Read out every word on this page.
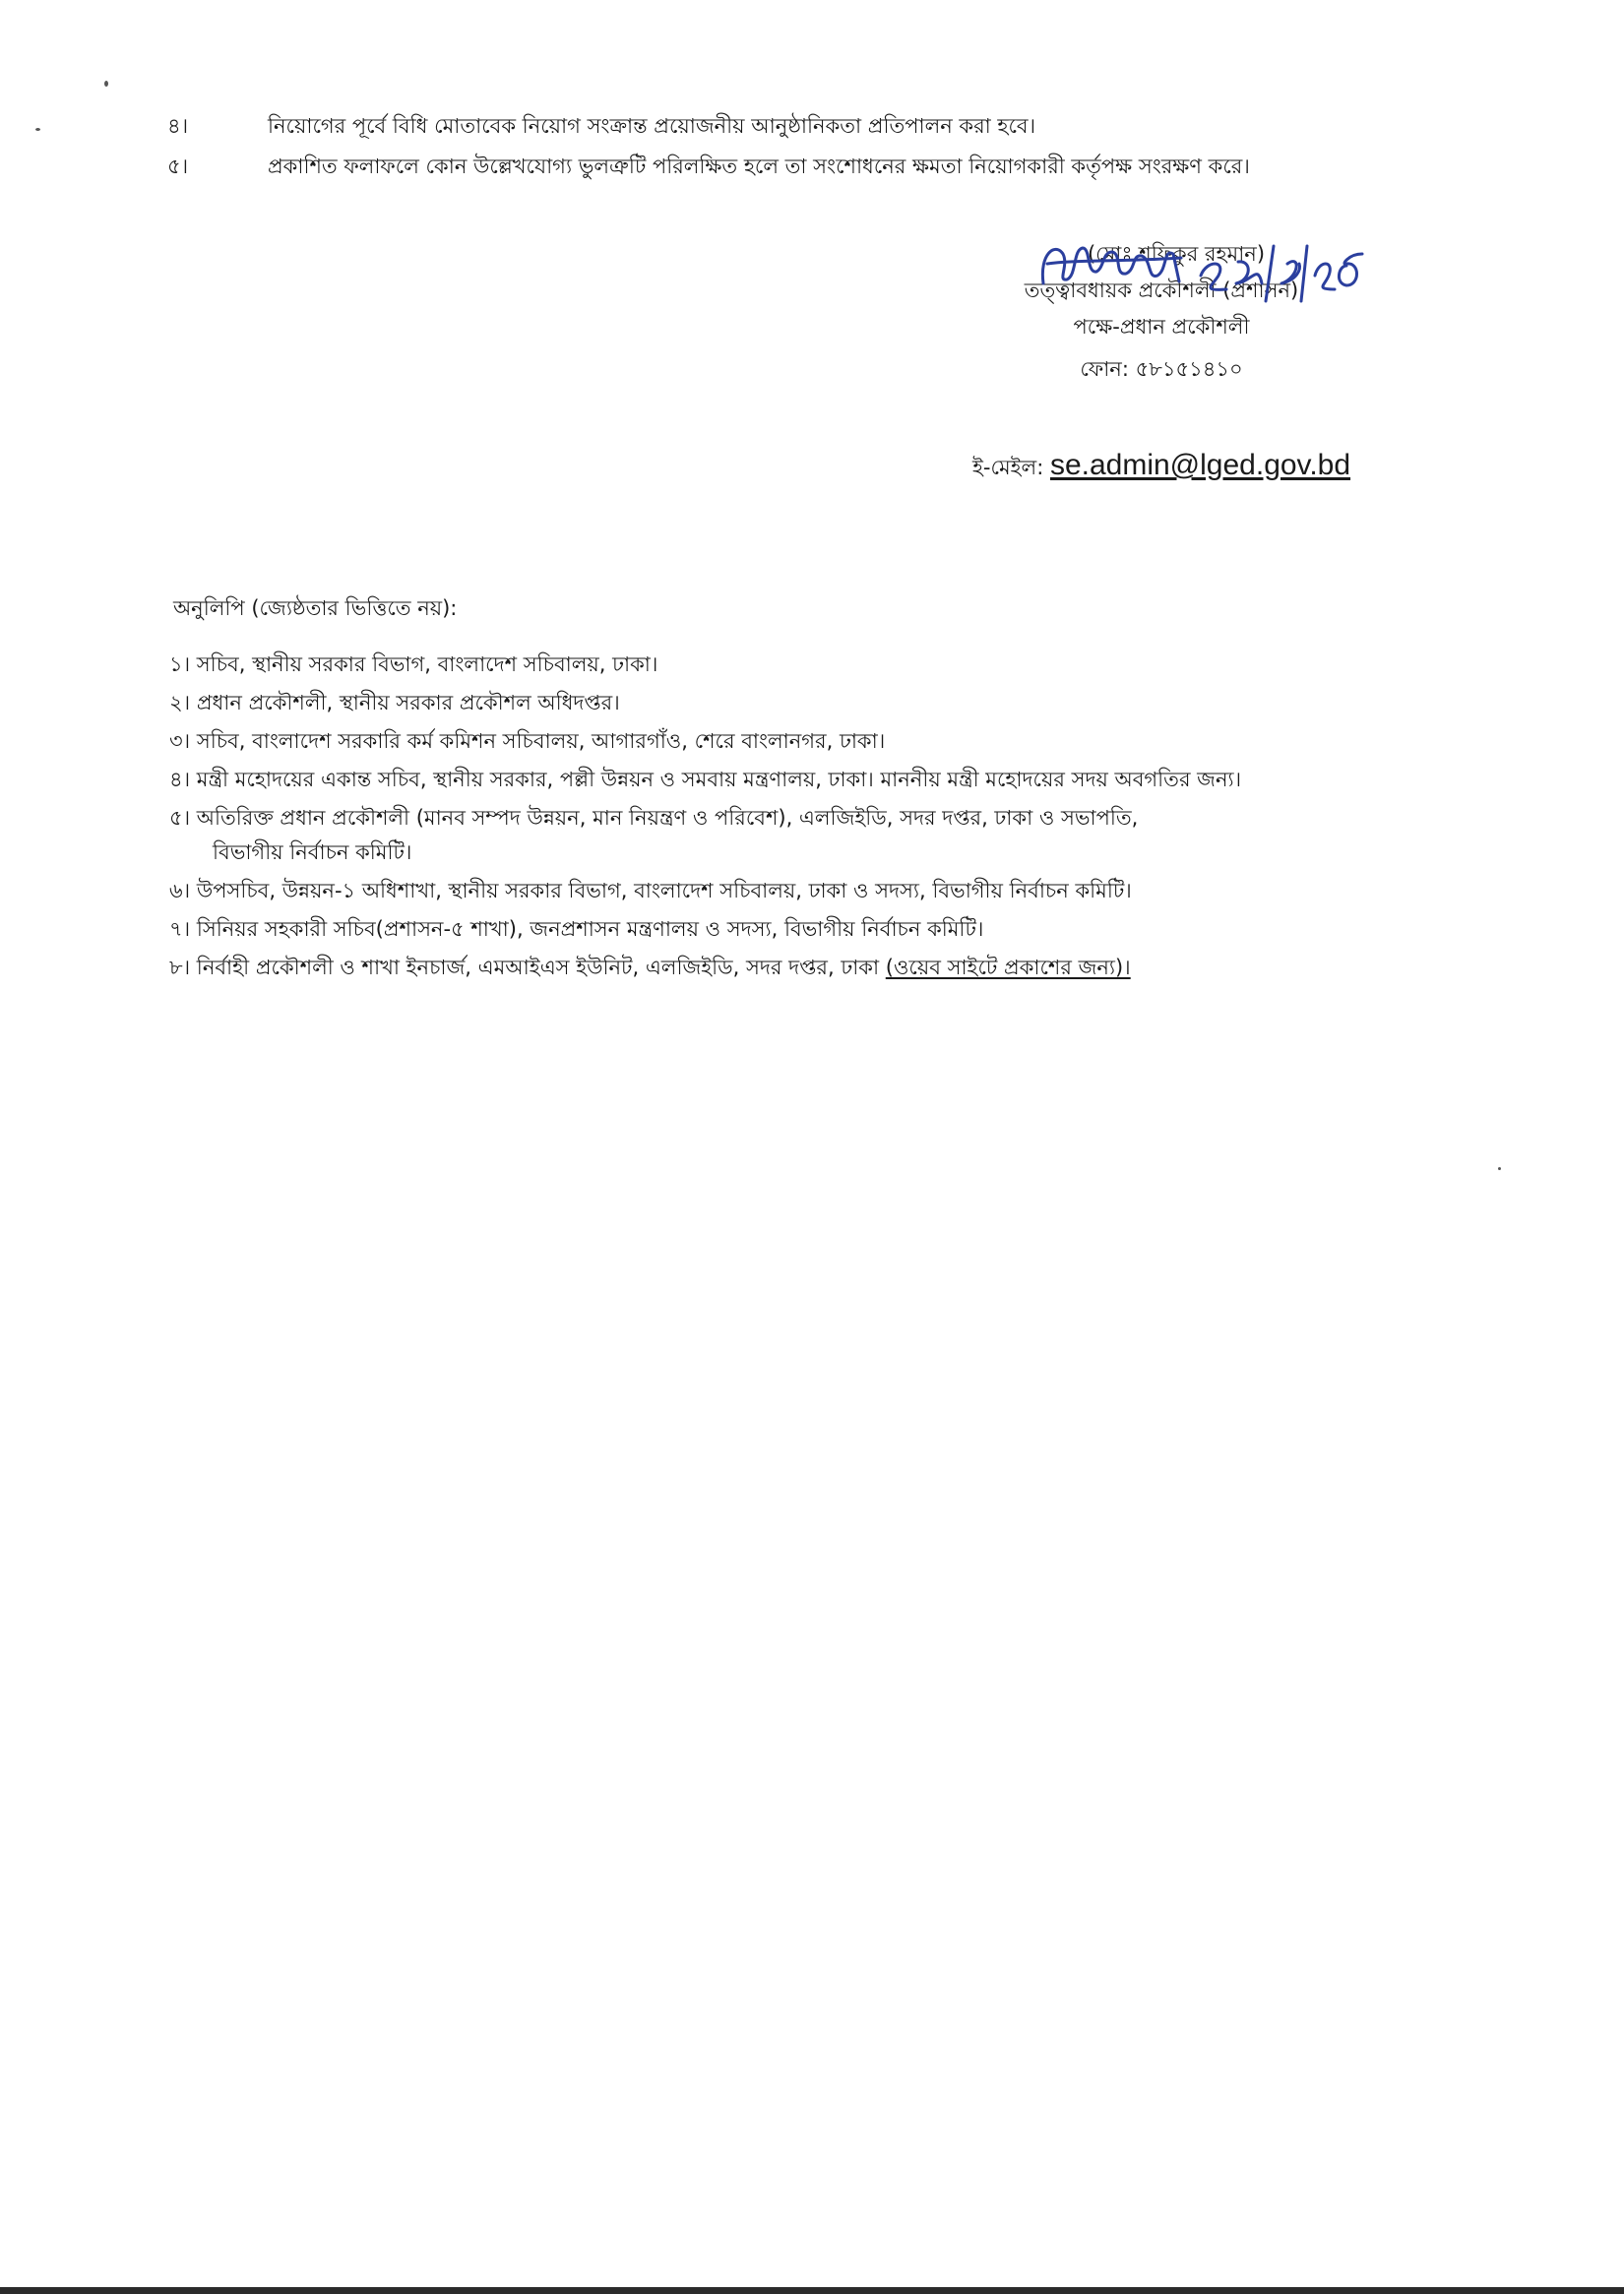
৪।	নিয়োগের পূর্বে বিধি মোতাবেক নিয়োগ সংক্রান্ত প্রয়োজনীয় আনুষ্ঠানিকতা প্রতিপালন করা হবে।
৫।	প্রকাশিত ফলাফলে কোন উল্লেখযোগ্য ভুলত্রুটি পরিলক্ষিত হলে তা সংশোধনের ক্ষমতা নিয়োগকারী কর্তৃপক্ষ সংরক্ষণ করে।
(মোঃ শফিকুর রহমান)
তত্ত্বাবধায়ক প্রকৌশলী (প্রশাসন)
পক্ষে-প্রধান প্রকৌশলী
ফোন: ৫৮১৫১৪১০
ই-মেইল: se.admin@lged.gov.bd
অনুলিপি (জ্যেষ্ঠতার ভিত্তিতে নয়):
১। সচিব, স্থানীয় সরকার বিভাগ, বাংলাদেশ সচিবালয়, ঢাকা।
২। প্রধান প্রকৌশলী, স্থানীয় সরকার প্রকৌশল অধিদপ্তর।
৩। সচিব, বাংলাদেশ সরকারি কর্ম কমিশন সচিবালয়, আগারগাঁও, শেরে বাংলানগর, ঢাকা।
৪। মন্ত্রী মহোদয়ের একান্ত সচিব, স্থানীয় সরকার, পল্লী উন্নয়ন ও সমবায় মন্ত্রণালয়, ঢাকা। মাননীয় মন্ত্রী মহোদয়ের সদয় অবগতির জন্য।
৫। অতিরিক্ত প্রধান প্রকৌশলী (মানব সম্পদ উন্নয়ন, মান নিয়ন্ত্রণ ও পরিবেশ), এলজিইডি, সদর দপ্তর, ঢাকা ও সভাপতি,
বিভাগীয় নির্বাচন কমিটি।
৬। উপসচিব, উন্নয়ন-১ অধিশাখা, স্থানীয় সরকার বিভাগ, বাংলাদেশ সচিবালয়, ঢাকা ও সদস্য, বিভাগীয় নির্বাচন কমিটি।
৭। সিনিয়র সহকারী সচিব(প্রশাসন-৫ শাখা), জনপ্রশাসন মন্ত্রণালয় ও সদস্য, বিভাগীয় নির্বাচন কমিটি।
৮। নির্বাহী প্রকৌশলী ও শাখা ইনচার্জ, এমআইএস ইউনিট, এলজিইডি, সদর দপ্তর, ঢাকা (ওয়েব সাইটে প্রকাশের জন্য)।
